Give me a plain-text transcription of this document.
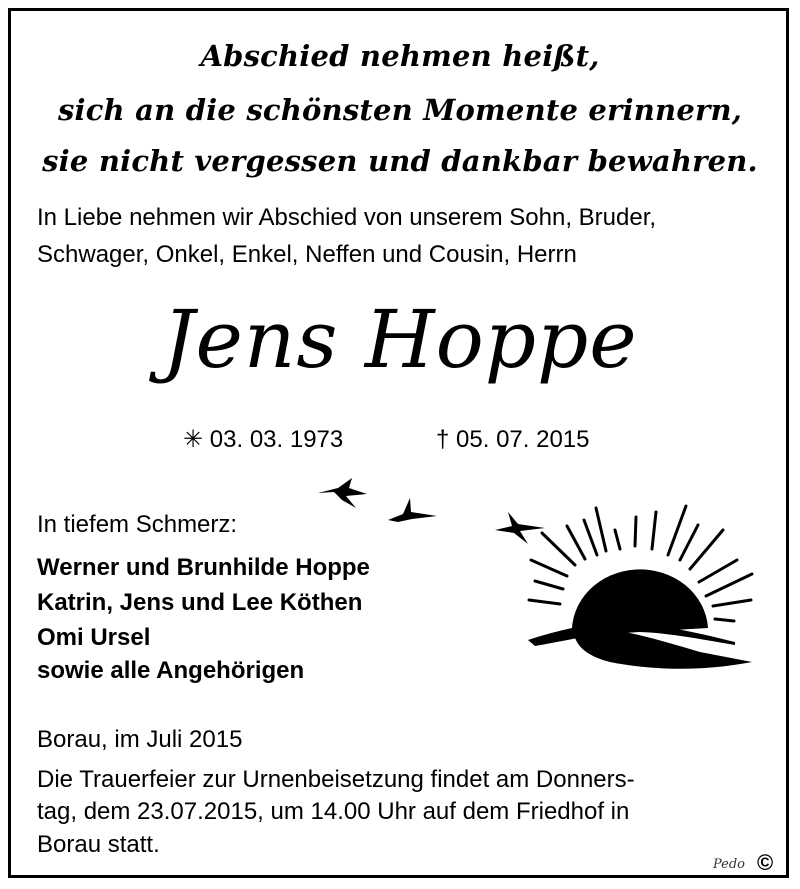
Abschied nehmen heißt,
sich an die schönsten Momente erinnern,
sie nicht vergessen und dankbar bewahren.
In Liebe nehmen wir Abschied von unserem Sohn, Bruder,
Schwager, Onkel, Enkel, Neffen und Cousin, Herrn
Jens Hoppe
✳ 03. 03. 1973	† 05. 07. 2015
In tiefem Schmerz:
Werner und Brunhilde Hoppe
Katrin, Jens und Lee Köthen
Omi Ursel
sowie alle Angehörigen
Borau, im Juli 2015
Die Trauerfeier zur Urnenbeisetzung findet am Donners-
tag, dem 23.07.2015, um 14.00 Uhr auf dem Friedhof in
Borau statt.
Pedo ©
